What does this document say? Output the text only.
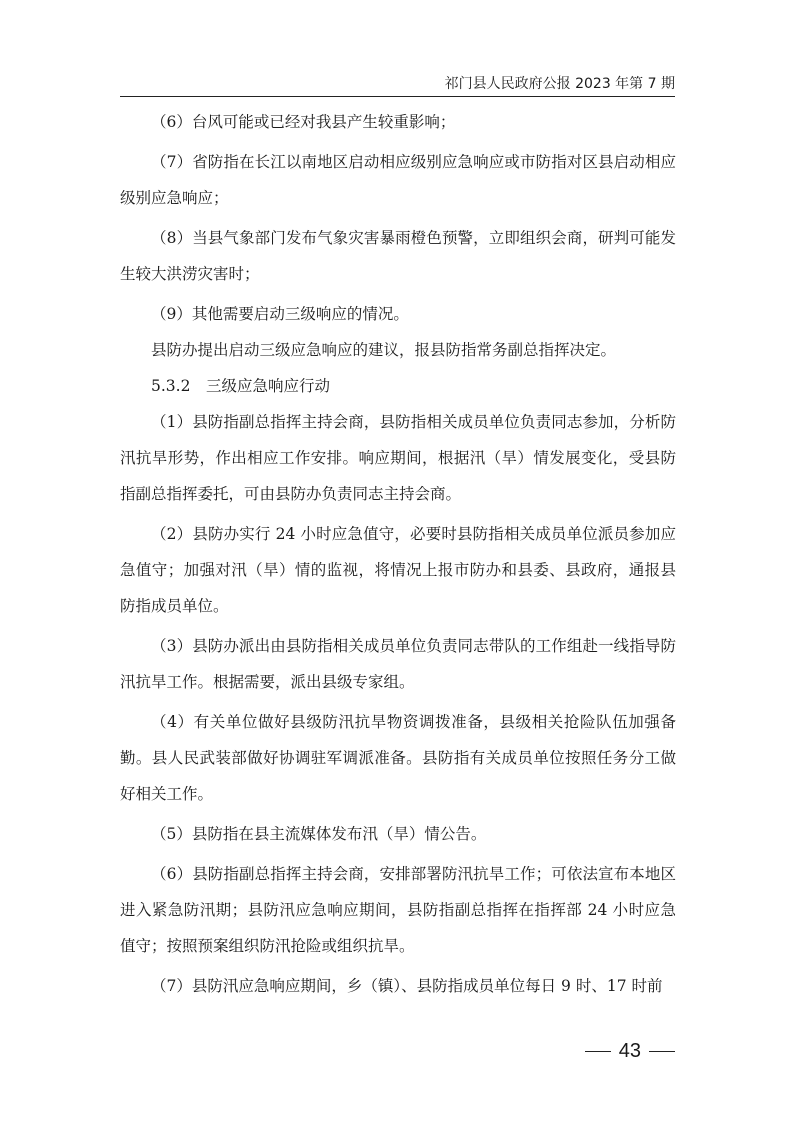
祁门县人民政府公报 2023 年第 7 期

（6）台风可能或已经对我县产生较重影响；

（7）省防指在长江以南地区启动相应级别应急响应或市防指对区县启动相应级别应急响应；

（8）当县气象部门发布气象灾害暴雨橙色预警，立即组织会商，研判可能发生较大洪涝灾害时；

（9）其他需要启动三级响应的情况。

县防办提出启动三级应急响应的建议，报县防指常务副总指挥决定。

5.3.2　三级应急响应行动

（1）县防指副总指挥主持会商，县防指相关成员单位负责同志参加，分析防汛抗旱形势，作出相应工作安排。响应期间，根据汛（旱）情发展变化，受县防指副总指挥委托，可由县防办负责同志主持会商。

（2）县防办实行 24 小时应急值守，必要时县防指相关成员单位派员参加应急值守；加强对汛（旱）情的监视，将情况上报市防办和县委、县政府，通报县防指成员单位。

（3）县防办派出由县防指相关成员单位负责同志带队的工作组赴一线指导防汛抗旱工作。根据需要，派出县级专家组。

（4）有关单位做好县级防汛抗旱物资调拨准备，县级相关抢险队伍加强备勤。县人民武装部做好协调驻军调派准备。县防指有关成员单位按照任务分工做好相关工作。

（5）县防指在县主流媒体发布汛（旱）情公告。

（6）县防指副总指挥主持会商，安排部署防汛抗旱工作；可依法宣布本地区进入紧急防汛期；县防汛应急响应期间，县防指副总指挥在指挥部 24 小时应急值守；按照预案组织防汛抢险或组织抗旱。

（7）县防汛应急响应期间，乡（镇）、县防指成员单位每日 9 时、17 时前

43
